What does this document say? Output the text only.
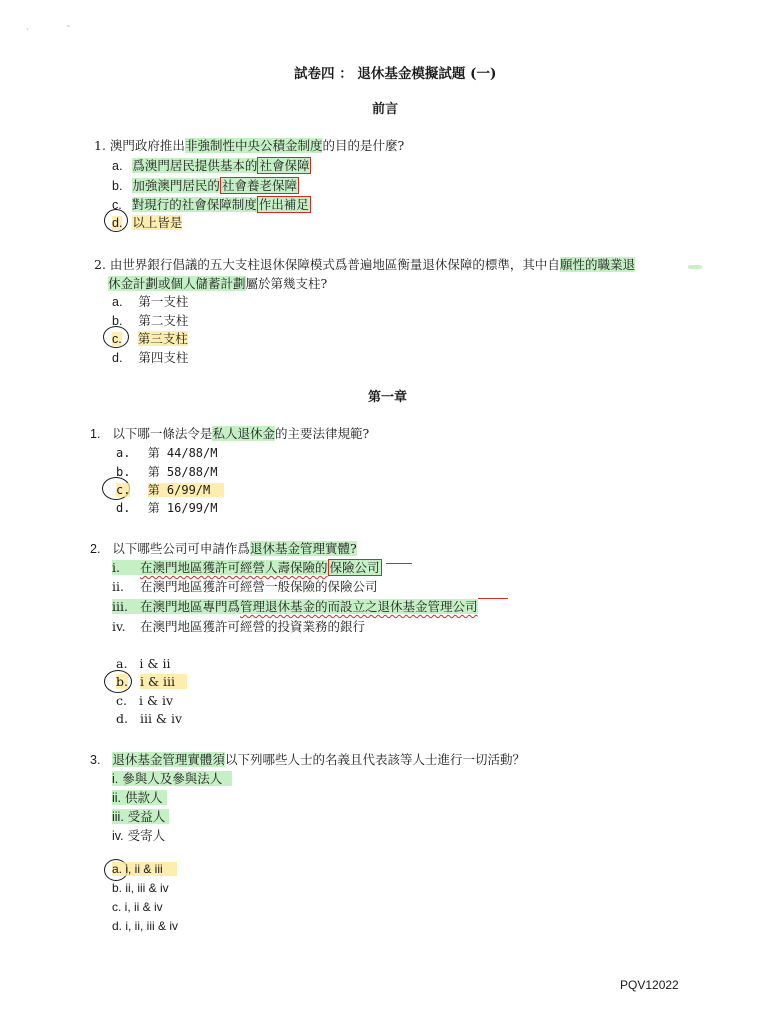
ˎ	˷
試卷四 ： 退休基金模擬試題 (一)
前言
1. 澳門政府推出非強制性中央公積金制度的目的是什麼?
a. 爲澳門居民提供基本的 社會保障
b. 加強澳門居民的 社會養老保障
c. 對現行的社會保障制度 作出補足
d. 以上皆是
2. 由世界銀行倡議的五大支柱退休保障模式爲普遍地區衡量退休保障的標準，其中自願性的職業退
休金計劃或個人儲蓄計劃屬於第幾支柱?
a. 第一支柱
b. 第二支柱
c. 第三支柱
d. 第四支柱
第一章
1. 以下哪一條法令是私人退休金的主要法律規範?
a. 第 44/88/M
b. 第 58/88/M
c. 第 6/99/M
d. 第 16/99/M
2. 以下哪些公司可申請作爲退休基金管理實體?
i. 在澳門地區獲許可經營人壽保險的 保險公司
ii. 在澳門地區獲許可經營一般保險的保險公司
iii. 在澳門地區專門爲管理退休基金的而設立之退休基金管理公司
iv. 在澳門地區獲許可經營的投資業務的銀行
a. i & ii
b. i & iii
c. i & iv
d. iii & iv
3. 退休基金管理實體須以下列哪些人士的名義且代表該等人士進行一切活動？
i. 參與人及參與法人
ii. 供款人
iii. 受益人
iv. 受寄人
a. i, ii & iii
b. ii, iii & iv
c. i, ii & iv
d. i, ii, iii & iv
PQV12022
